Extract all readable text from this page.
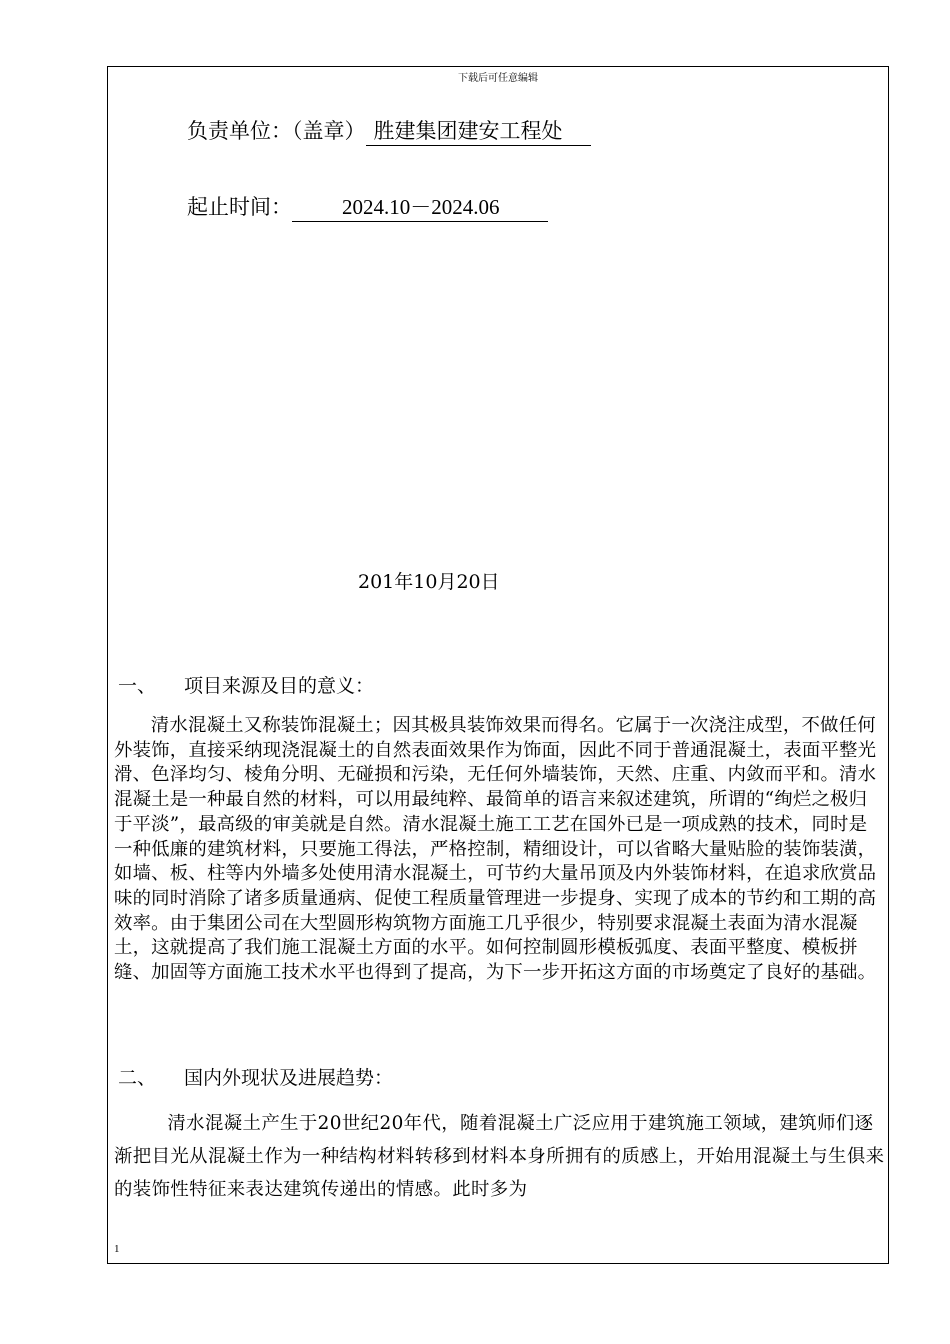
下载后可任意编辑
负责单位：（盖章） 胜建集团建安工程处
起止时间： 2024.10－2024.06
201年10月20日
一、 项目来源及目的意义：

清水混凝土又称装饰混凝土；因其极具装饰效果而得名。它属于一次浇注成型，不做任何外装饰，直接采纳现浇混凝土的自然表面效果作为饰面，因此不同于普通混凝土，表面平整光滑、色泽均匀、棱角分明、无碰损和污染，无任何外墙装饰，天然、庄重、内敛而平和。清水混凝土是一种最自然的材料，可以用最纯粹、最简单的语言来叙述建筑，所谓的“绚烂之极归于平淡”，最高级的审美就是自然。清水混凝土施工工艺在国外已是一项成熟的技术，同时是一种低廉的建筑材料，只要施工得法，严格控制，精细设计，可以省略大量贴脸的装饰装潢，如墙、板、柱等内外墙多处使用清水混凝土，可节约大量吊顶及内外装饰材料，在追求欣赏品味的同时消除了诸多质量通病、促使工程质量管理进一步提身、实现了成本的节约和工期的高效率。由于集团公司在大型圆形构筑物方面施工几乎很少，特别要求混凝土表面为清水混凝土，这就提高了我们施工混凝土方面的水平。如何控制圆形模板弧度、表面平整度、模板拼缝、加固等方面施工技术水平也得到了提高，为下一步开拓这方面的市场奠定了良好的基础。

二、 国内外现状及进展趋势：

清水混凝土产生于20世纪20年代，随着混凝土广泛应用于建筑施工领域，建筑师们逐渐把目光从混凝土作为一种结构材料转移到材料本身所拥有的质感上，开始用混凝土与生俱来的装饰性特征来表达建筑传递出的情感。此时多为

1
